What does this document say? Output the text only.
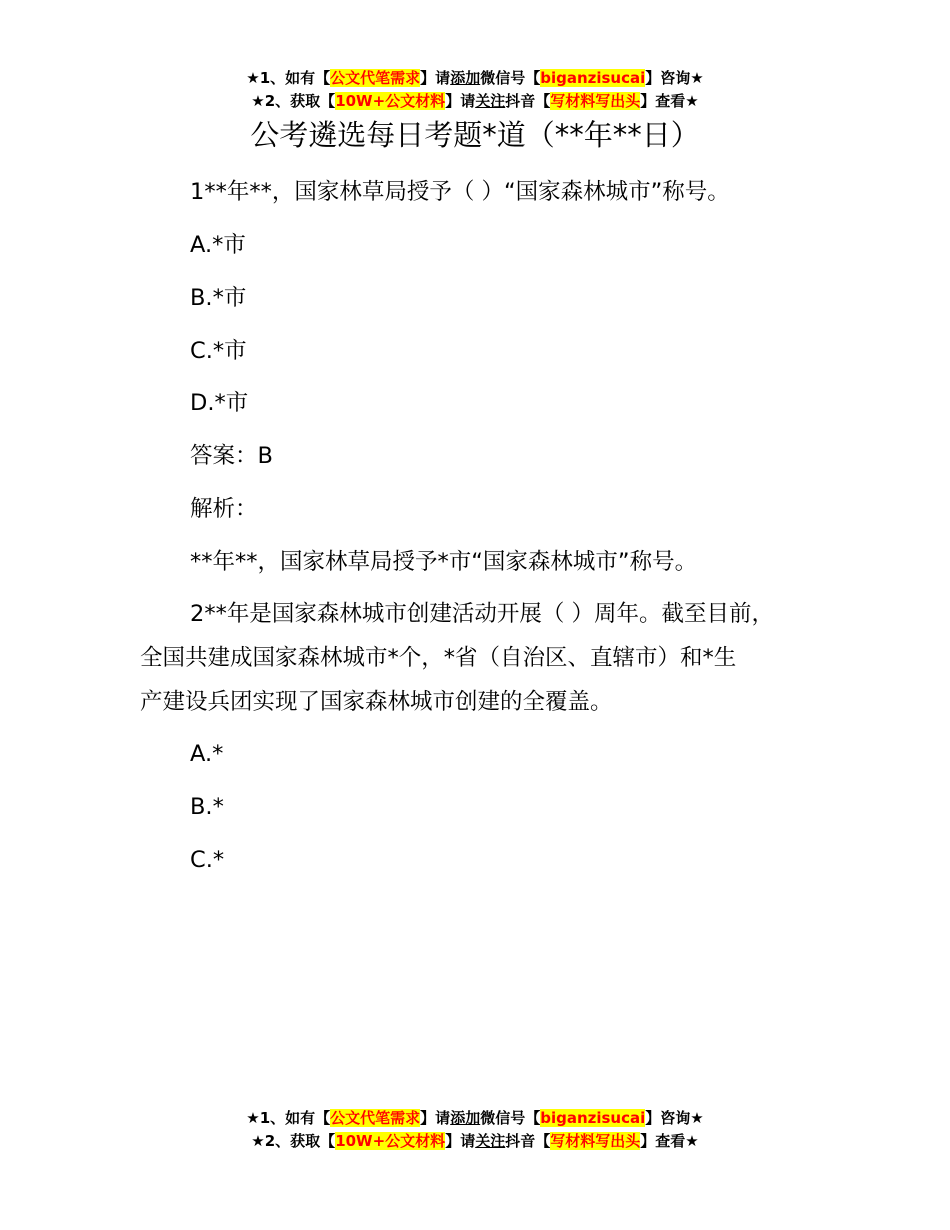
★1、如有【公文代笔需求】请添加微信号【biganzisucai】咨询★
★2、获取【10W+公文材料】请关注抖音【写材料写出头】查看★
公考遴选每日考题*道（**年**日）
1**年**，国家林草局授予（ ）“国家森林城市”称号。
A.*市
B.*市
C.*市
D.*市
答案：B
解析：
**年**，国家林草局授予*市“国家森林城市”称号。
2**年是国家森林城市创建活动开展（ ）周年。截至目前，
全国共建成国家森林城市*个，*省（自治区、直辖市）和*生
产建设兵团实现了国家森林城市创建的全覆盖。
A.*
B.*
C.*
★1、如有【公文代笔需求】请添加微信号【biganzisucai】咨询★
★2、获取【10W+公文材料】请关注抖音【写材料写出头】查看★
